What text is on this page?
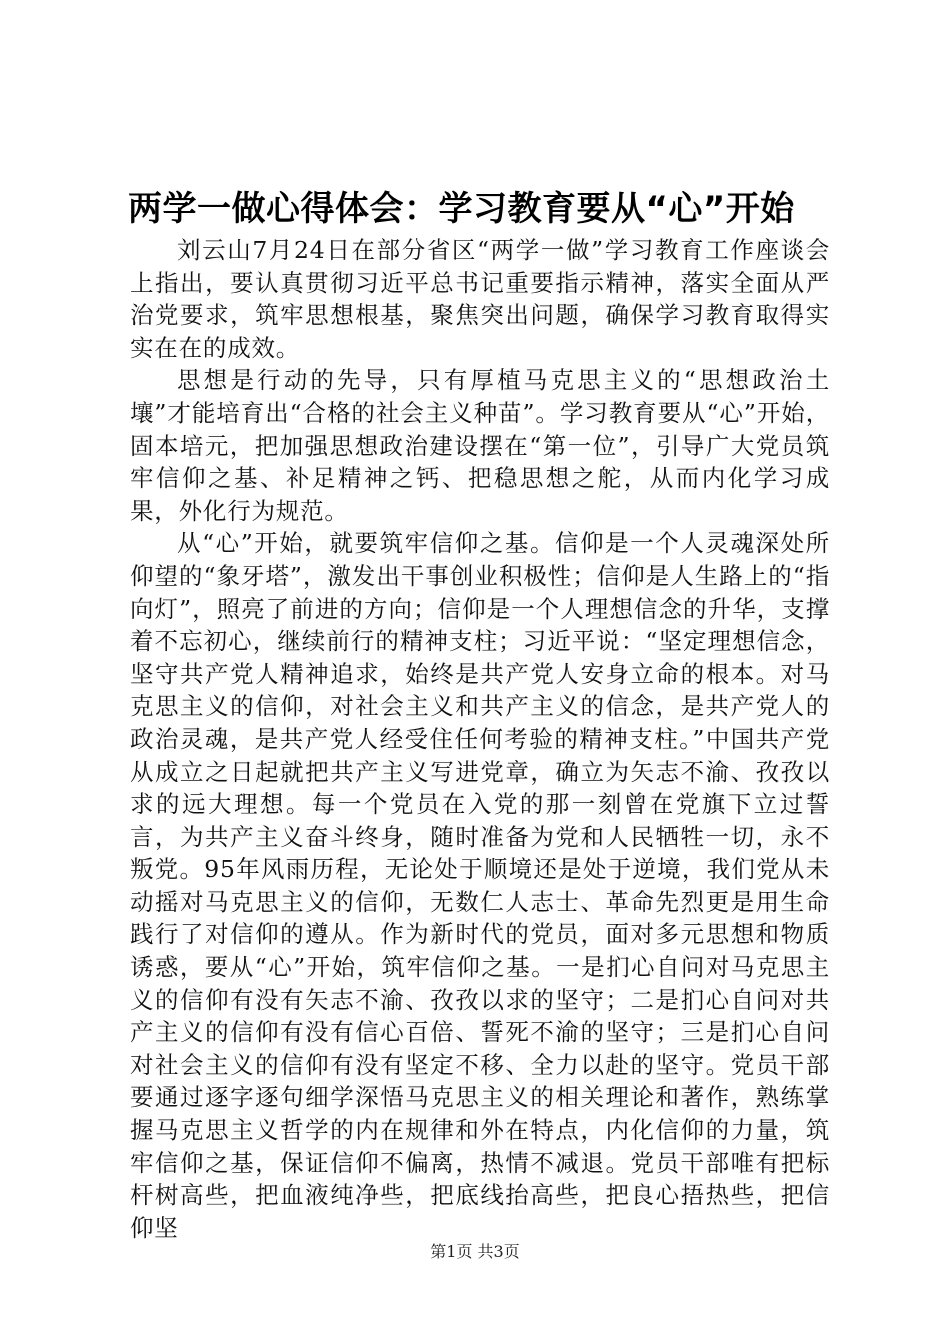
两学一做心得体会：学习教育要从“心”开始

刘云山7月24日在部分省区“两学一做”学习教育工作座谈会上指出，要认真贯彻习近平总书记重要指示精神，落实全面从严治党要求，筑牢思想根基，聚焦突出问题，确保学习教育取得实实在在的成效。

思想是行动的先导，只有厚植马克思主义的“思想政治土壤”才能培育出“合格的社会主义种苗”。学习教育要从“心”开始，固本培元，把加强思想政治建设摆在“第一位”，引导广大党员筑牢信仰之基、补足精神之钙、把稳思想之舵，从而内化学习成果，外化行为规范。

从“心”开始，就要筑牢信仰之基。信仰是一个人灵魂深处所仰望的“象牙塔”，激发出干事创业积极性；信仰是人生路上的“指向灯”，照亮了前进的方向；信仰是一个人理想信念的升华，支撑着不忘初心，继续前行的精神支柱；习近平说：“坚定理想信念，坚守共产党人精神追求，始终是共产党人安身立命的根本。对马克思主义的信仰，对社会主义和共产主义的信念，是共产党人的政治灵魂，是共产党人经受住任何考验的精神支柱。”中国共产党从成立之日起就把共产主义写进党章，确立为矢志不渝、孜孜以求的远大理想。每一个党员在入党的那一刻曾在党旗下立过誓言，为共产主义奋斗终身，随时准备为党和人民牺牲一切，永不叛党。95年风雨历程，无论处于顺境还是处于逆境，我们党从未动摇对马克思主义的信仰，无数仁人志士、革命先烈更是用生命践行了对信仰的遵从。作为新时代的党员，面对多元思想和物质诱惑，要从“心”开始，筑牢信仰之基。一是扪心自问对马克思主义的信仰有没有矢志不渝、孜孜以求的坚守；二是扪心自问对共产主义的信仰有没有信心百倍、誓死不渝的坚守；三是扪心自问对社会主义的信仰有没有坚定不移、全力以赴的坚守。党员干部要通过逐字逐句细学深悟马克思主义的相关理论和著作，熟练掌握马克思主义哲学的内在规律和外在特点，内化信仰的力量，筑牢信仰之基，保证信仰不偏离，热情不减退。党员干部唯有把标杆树高些，把血液纯净些，把底线抬高些，把良心捂热些，把信仰坚

第1页 共3页
